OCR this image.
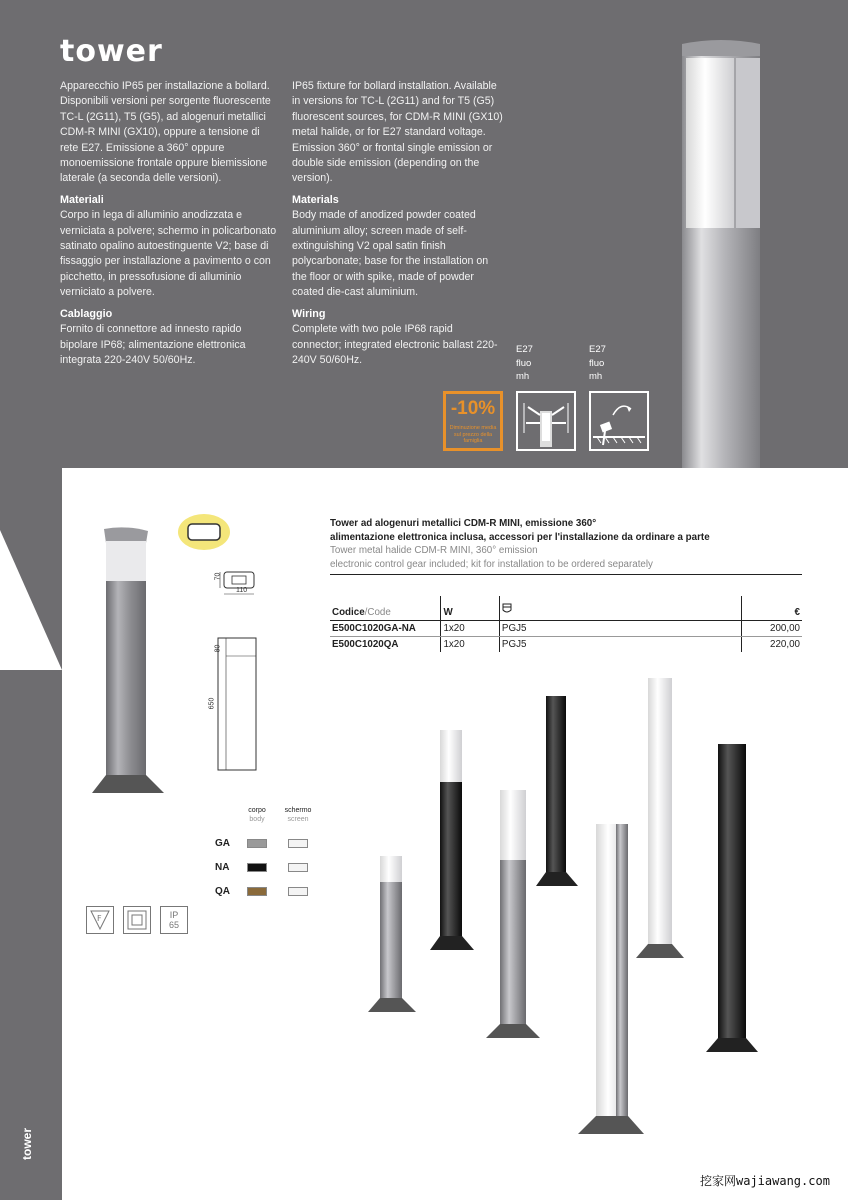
tower

Apparecchio IP65 per installazione a bollard. Disponibili versioni per sorgente fluorescente TC-L (2G11), T5 (G5), ad alogenuri metallici CDM-R MINI (GX10), oppure a tensione di rete E27. Emissione a 360° oppure monoemissione frontale oppure biemissione laterale (a seconda delle versioni).

Materiali

Corpo in lega di alluminio anodizzata e verniciata a polvere; schermo in policarbonato satinato opalino autoestinguente V2; base di fissaggio per installazione a pavimento o con picchetto, in pressofusione di alluminio verniciato a polvere.

Cablaggio

Fornito di connettore ad innesto rapido bipolare IP68; alimentazione elettronica integrata 220-240V 50/60Hz.

IP65 fixture for bollard installation. Available in versions for TC-L (2G11) and for T5 (G5) fluorescent sources, for CDM-R MINI (GX10) metal halide, or for E27 standard voltage. Emission 360° or frontal single emission or double side emission (depending on the version).

Materials

Body made of anodized powder coated aluminium alloy; screen made of self-extinguishing V2 opal satin finish polycarbonate; base for the installation on the floor or with spike, made of powder coated die-cast aluminium.

Wiring

Complete with two pole IP68 rapid connector; integrated electronic ballast 220-240V 50/60Hz.

E27
fluo
mh
E27
fluo
mh
-10%
Diminuzione media sul prezzo della famiglia
222
tower
70
110
80
650
Tower ad alogenuri metallici CDM-R MINI, emissione 360°
alimentazione elettronica inclusa, accessori per l'installazione da ordinare a parte
Tower metal halide CDM-R MINI, 360° emission
electronic control gear included; kit for installation to be ordered separately
Codice/Code	W		€
E500C1020GA-NA	1x20	PGJ5	200,00
E500C1020QA	1x20	PGJ5	220,00
corpo
body
schermo
screen
GA
NA
QA
F	IP
65
挖家网wajiawang.com
